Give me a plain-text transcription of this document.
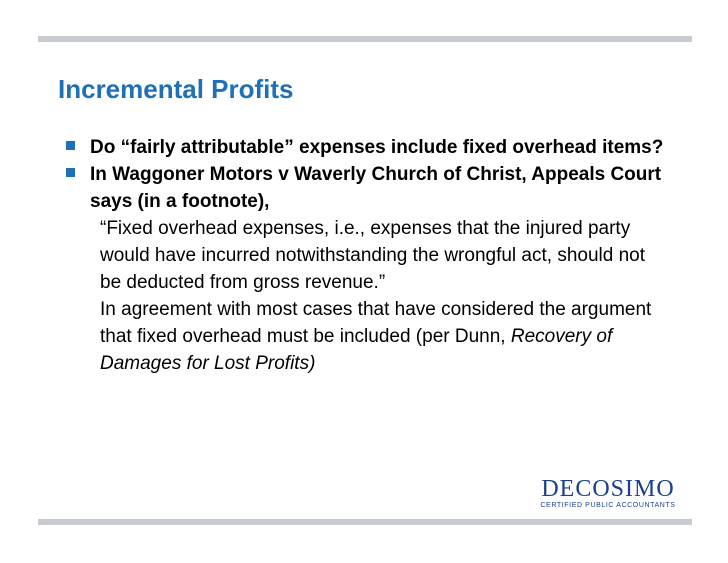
Incremental Profits
Do “fairly attributable” expenses include fixed overhead items?
In Waggoner Motors v Waverly Church of Christ, Appeals Court says (in a footnote),
“Fixed overhead expenses, i.e., expenses that the injured party would have incurred notwithstanding the wrongful act, should not be deducted from gross revenue.”
In agreement with most cases that have considered the argument that fixed overhead must be included (per Dunn, Recovery of Damages for Lost Profits)
DECOSIMO
CERTIFIED PUBLIC ACCOUNTANTS
